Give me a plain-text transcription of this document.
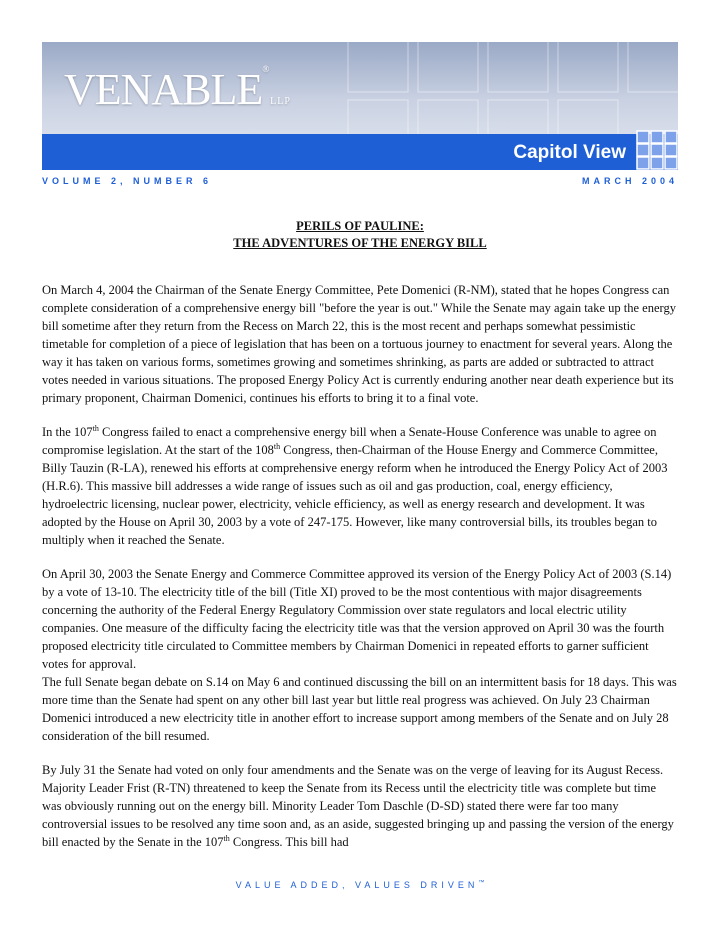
VENABLE®LLP
Capitol View
VOLUME 2, NUMBER 6	MARCH 2004
PERILS OF PAULINE:
THE ADVENTURES OF THE ENERGY BILL

On March 4, 2004 the Chairman of the Senate Energy Committee, Pete Domenici (R-NM), stated that he hopes Congress can complete consideration of a comprehensive energy bill "before the year is out." While the Senate may again take up the energy bill sometime after they return from the Recess on March 22, this is the most recent and perhaps somewhat pessimistic timetable for completion of a piece of legislation that has been on a tortuous journey to enactment for several years. Along the way it has taken on various forms, sometimes growing and sometimes shrinking, as parts are added or subtracted to attract votes needed in various situations. The proposed Energy Policy Act is currently enduring another near death experience but its primary proponent, Chairman Domenici, continues his efforts to bring it to a final vote.

In the 107th Congress failed to enact a comprehensive energy bill when a Senate-House Conference was unable to agree on compromise legislation. At the start of the 108th Congress, then-Chairman of the House Energy and Commerce Committee, Billy Tauzin (R-LA), renewed his efforts at comprehensive energy reform when he introduced the Energy Policy Act of 2003 (H.R.6). This massive bill addresses a wide range of issues such as oil and gas production, coal, energy efficiency, hydroelectric licensing, nuclear power, electricity, vehicle efficiency, as well as energy research and development. It was adopted by the House on April 30, 2003 by a vote of 247-175. However, like many controversial bills, its troubles began to multiply when it reached the Senate.

On April 30, 2003 the Senate Energy and Commerce Committee approved its version of the Energy Policy Act of 2003 (S.14) by a vote of 13-10. The electricity title of the bill (Title XI) proved to be the most contentious with major disagreements concerning the authority of the Federal Energy Regulatory Commission over state regulators and local electric utility companies. One measure of the difficulty facing the electricity title was that the version approved on April 30 was the fourth proposed electricity title circulated to Committee members by Chairman Domenici in repeated efforts to garner sufficient votes for approval.

The full Senate began debate on S.14 on May 6 and continued discussing the bill on an intermittent basis for 18 days. This was more time than the Senate had spent on any other bill last year but little real progress was achieved. On July 23 Chairman Domenici introduced a new electricity title in another effort to increase support among members of the Senate and on July 28 consideration of the bill resumed.

By July 31 the Senate had voted on only four amendments and the Senate was on the verge of leaving for its August Recess. Majority Leader Frist (R-TN) threatened to keep the Senate from its Recess until the electricity title was complete but time was obviously running out on the energy bill. Minority Leader Tom Daschle (D-SD) stated there were far too many controversial issues to be resolved any time soon and, as an aside, suggested bringing up and passing the version of the energy bill enacted by the Senate in the 107th Congress. This bill had

VALUE ADDED, VALUES DRIVEN™
